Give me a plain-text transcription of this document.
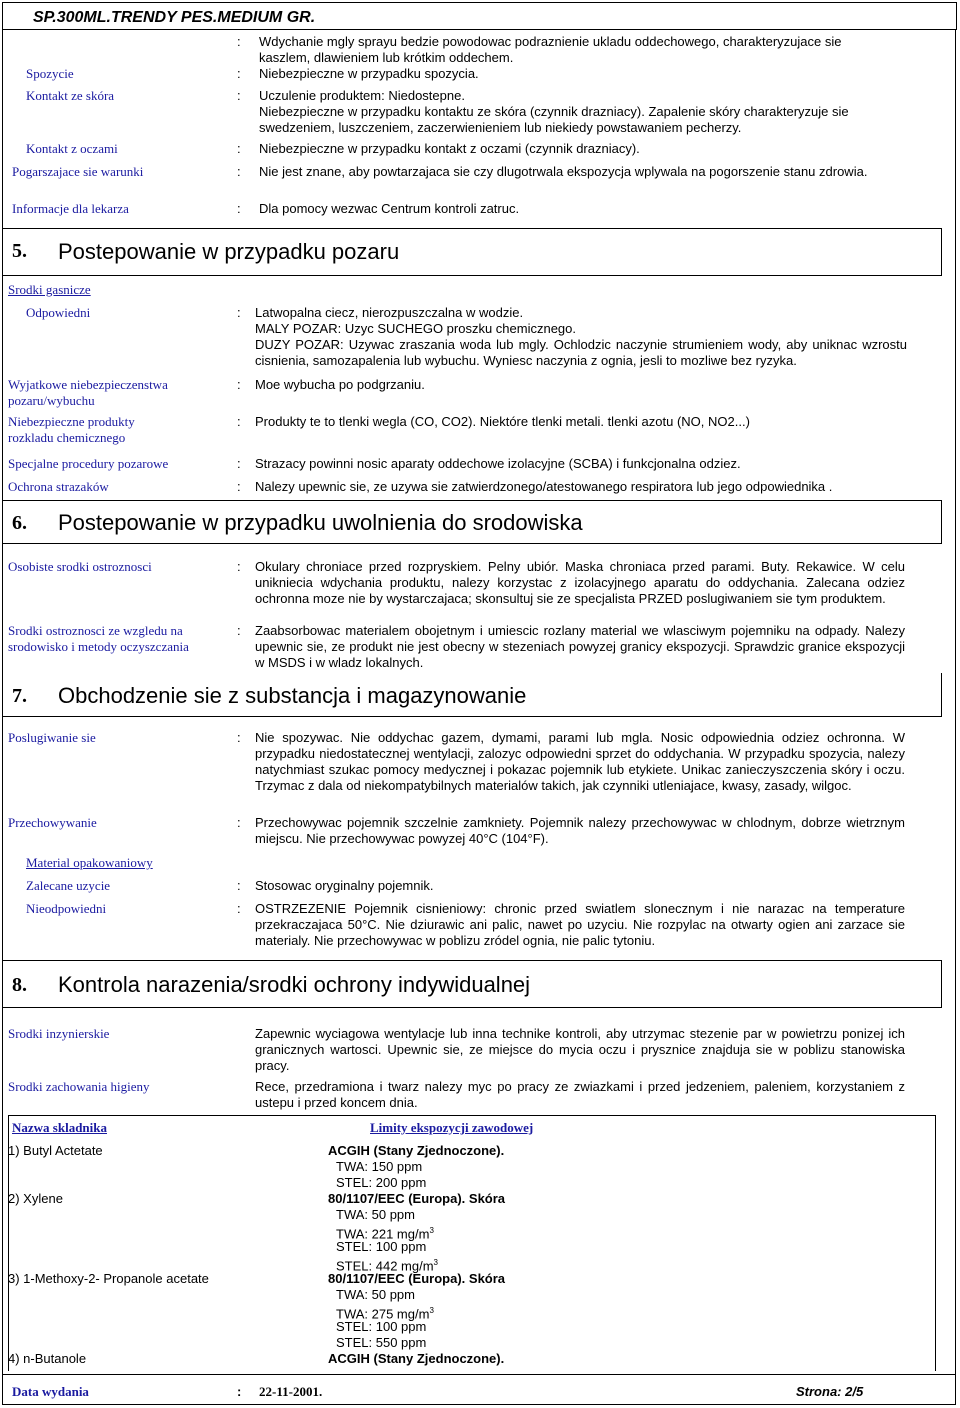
SP.300ML.TRENDY PES.MEDIUM GR.
: Wdychanie mgly sprayu bedzie powodowac podraznienie ukladu oddechowego, charakteryzujace sie kaszlem, dlawieniem lub krótkim oddechem.
Spozycie	: Niebezpieczne w przypadku spozycia.
Kontakt ze skóra	: Uczulenie produktem: Niedostepne.
Niebezpieczne w przypadku kontaktu ze skóra (czynnik drazniacy). Zapalenie skóry charakteryzuje sie swedzeniem, luszczeniem, zaczerwienieniem lub niekiedy powstawaniem pecherzy.
Kontakt z oczami	: Niebezpieczne w przypadku kontakt z oczami (czynnik drazniacy).
Pogarszajace sie warunki	: Nie jest znane, aby powtarzajaca sie czy dlugotrwala ekspozycja wplywala na pogorszenie stanu zdrowia.
Informacje dla lekarza	: Dla pomocy wezwac Centrum kontroli zatruc.
5. Postepowanie w przypadku pozaru
Srodki gasnicze
Odpowiedni	: Latwopalna ciecz, nierozpuszczalna w wodzie.
MALY POZAR: Uzyc SUCHEGO proszku chemicznego.
DUZY POZAR: Uzywac zraszania woda lub mgly. Ochlodzic naczynie strumieniem wody, aby uniknac wzrostu cisnienia, samozapalenia lub wybuchu. Wyniesc naczynia z ognia, jesli to mozliwe bez ryzyka.
Wyjatkowe niebezpieczenstwa pozaru/wybuchu
: Moe wybucha po podgrzaniu.
Niebezpieczne produkty rozkladu chemicznego
: Produkty te to tlenki wegla (CO, CO2). Niektóre tlenki metali. tlenki azotu (NO, NO2...)
Specjalne procedury pozarowe	: Strazacy powinni nosic aparaty oddechowe izolacyjne (SCBA) i funkcjonalna odziez.
Ochrona strazaków	: Nalezy upewnic sie, ze uzywa sie zatwierdzonego/atestowanego respiratora lub jego odpowiednika .
6. Postepowanie w przypadku uwolnienia do srodowiska
Osobiste srodki ostroznosci	: Okulary chroniace przed rozpryskiem. Pelny ubiór. Maska chroniaca przed parami. Buty. Rekawice. W celu unikniecia wdychania produktu, nalezy korzystac z izolacyjnego aparatu do oddychania. Zalecana odziez ochronna moze nie by wystarczajaca; skonsultuj sie ze specjalista PRZED poslugiwaniem sie tym produktem.
Srodki ostroznosci ze wzgledu na srodowisko i metody oczyszczania
: Zaabsorbowac materialem obojetnym i umiescic rozlany material we wlasciwym pojemniku na odpady. Nalezy upewnic sie, ze produkt nie jest obecny w stezeniach powyzej granicy ekspozycji. Sprawdzic granice ekspozycji w MSDS i w wladz lokalnych.
7. Obchodzenie sie z substancja i magazynowanie
Poslugiwanie sie	: Nie spozywac. Nie oddychac gazem, dymami, parami lub mgla. Nosic odpowiednia odziez ochronna. W przypadku niedostatecznej wentylacji, zalozyc odpowiedni sprzet do oddychania. W przypadku spozycia, nalezy natychmiast szukac pomocy medycznej i pokazac pojemnik lub etykiete. Unikac zanieczyszczenia skóry i oczu. Trzymac z dala od niekompatybilnych materialów takich, jak czynniki utleniajace, kwasy, zasady, wilgoc.
Przechowywanie	: Przechowywac pojemnik szczelnie zamkniety. Pojemnik nalezy przechowywac w chlodnym, dobrze wietrznym miejscu. Nie przechowywac powyzej 40°C (104°F).
Material opakowaniowy
Zalecane uzycie	: Stosowac oryginalny pojemnik.
Nieodpowiedni	: OSTRZEZENIE Pojemnik cisnieniowy: chronic przed swiatlem slonecznym i nie narazac na temperature przekraczajaca 50°C. Nie dziurawic ani palic, nawet po uzyciu. Nie rozpylac na otwarty ogien ani zarzace sie materialy. Nie przechowywac w poblizu zródel ognia, nie palic tytoniu.
8. Kontrola narazenia/srodki ochrony indywidualnej
Srodki inzynierskie	Zapewnic wyciagowa wentylacje lub inna technike kontroli, aby utrzymac stezenie par w powietrzu ponizej ich granicznych wartosci. Upewnic sie, ze miejsce do mycia oczu i prysznice znajduja sie w poblizu stanowiska pracy.
Srodki zachowania higieny	Rece, przedramiona i twarz nalezy myc po pracy ze zwiazkami i przed jedzeniem, paleniem, korzystaniem z ustepu i przed koncem dnia.
Nazwa skladnika	Limity ekspozycji zawodowej
1) Butyl Actetate	ACGIH (Stany Zjednoczone).
TWA: 150 ppm
STEL: 200 ppm
2) Xylene	80/1107/EEC (Europa). Skóra
TWA: 50 ppm
TWA: 221 $mg/m^3$
STEL: 100 ppm
STEL: 442 $mg/m^3$
3) 1-Methoxy-2- Propanole acetate	80/1107/EEC (Europa). Skóra
TWA: 50 ppm
TWA: 275 $mg/m^3$
STEL: 100 ppm
STEL: 550 ppm
4) n-Butanole	ACGIH (Stany Zjednoczone).
Data wydania	: 22-11-2001.	Strona: 2/5
